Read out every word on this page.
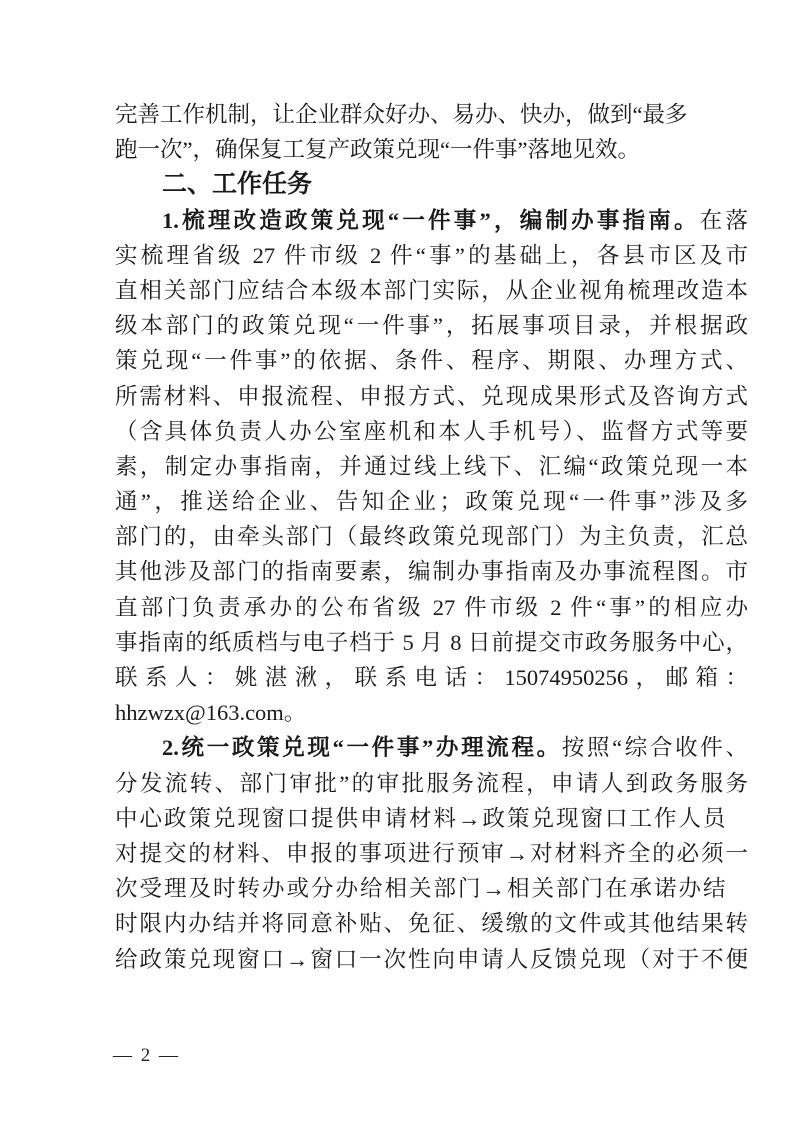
完善工作机制，让企业群众好办、易办、快办，做到“最多
跑一次”，确保复工复产政策兑现“一件事”落地见效。
二、工作任务
1.梳理改造政策兑现“一件事”，编制办事指南。在落
实梳理省级 27 件市级 2 件“事”的基础上，各县市区及市
直相关部门应结合本级本部门实际，从企业视角梳理改造本
级本部门的政策兑现“一件事”，拓展事项目录，并根据政
策兑现“一件事”的依据、条件、程序、期限、办理方式、
所需材料、申报流程、申报方式、兑现成果形式及咨询方式
（含具体负责人办公室座机和本人手机号）、监督方式等要
素，制定办事指南，并通过线上线下、汇编“政策兑现一本
通”，推送给企业、告知企业；政策兑现“一件事”涉及多
部门的，由牵头部门（最终政策兑现部门）为主负责，汇总
其他涉及部门的指南要素，编制办事指南及办事流程图。市
直部门负责承办的公布省级 27 件市级 2 件“事”的相应办
事指南的纸质档与电子档于 5 月 8 日前提交市政务服务中心，
联系人：姚湛湫，联系电话：15074950256，邮箱：
hhzwzx@163.com。
2.统一政策兑现“一件事”办理流程。按照“综合收件、
分发流转、部门审批”的审批服务流程，申请人到政务服务
中心政策兑现窗口提供申请材料→政策兑现窗口工作人员
对提交的材料、申报的事项进行预审→对材料齐全的必须一
次受理及时转办或分办给相关部门→相关部门在承诺办结
时限内办结并将同意补贴、免征、缓缴的文件或其他结果转
给政策兑现窗口→窗口一次性向申请人反馈兑现（对于不便
— 2 —
